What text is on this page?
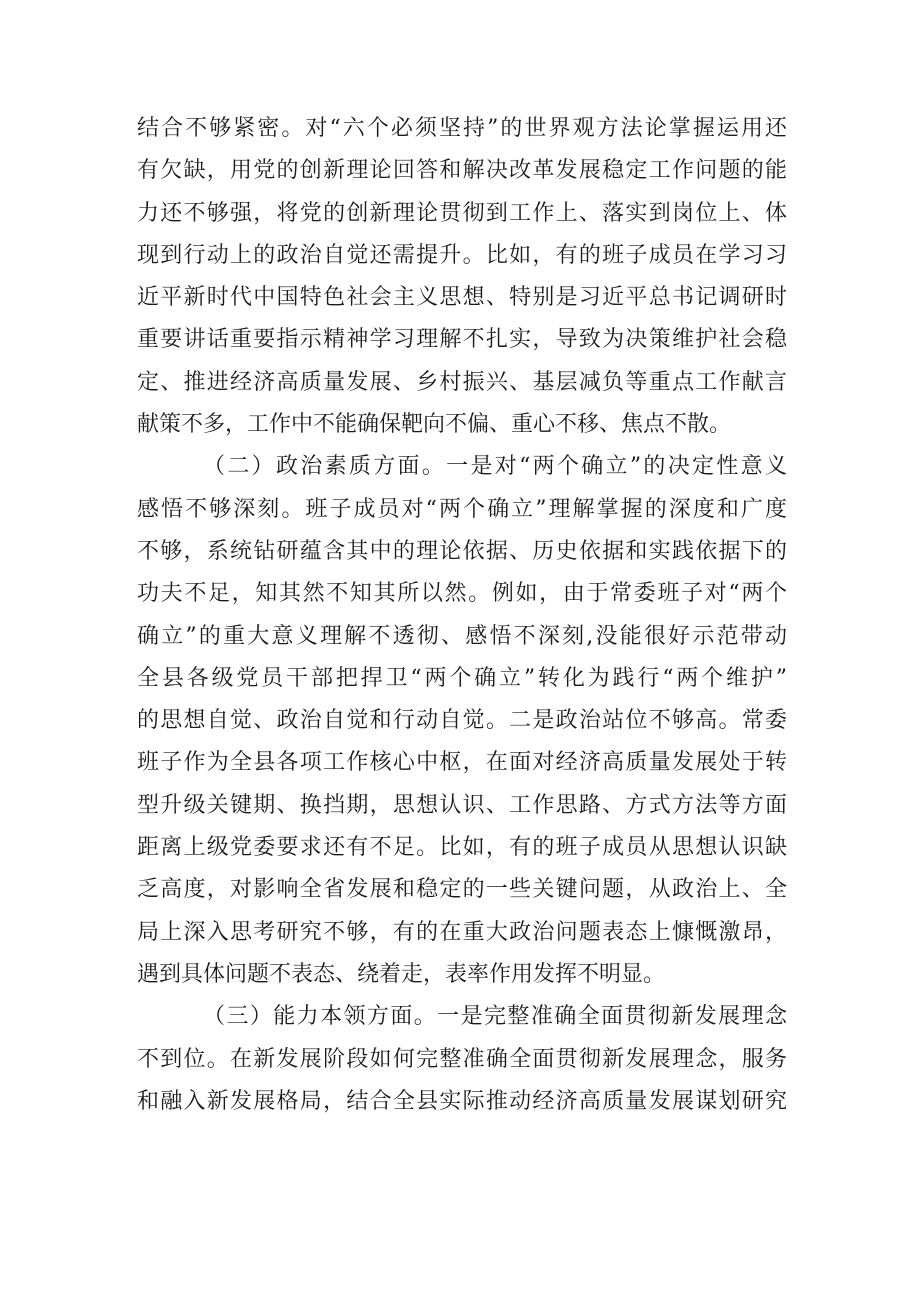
结合不够紧密。对“六个必须坚持”的世界观方法论掌握运用还
有欠缺，用党的创新理论回答和解决改革发展稳定工作问题的能
力还不够强，将党的创新理论贯彻到工作上、落实到岗位上、体
现到行动上的政治自觉还需提升。比如，有的班子成员在学习习
近平新时代中国特色社会主义思想、特别是习近平总书记调研时
重要讲话重要指示精神学习理解不扎实，导致为决策维护社会稳
定、推进经济高质量发展、乡村振兴、基层减负等重点工作献言
献策不多，工作中不能确保靶向不偏、重心不移、焦点不散。
（二）政治素质方面。一是对“两个确立”的决定性意义
感悟不够深刻。班子成员对“两个确立”理解掌握的深度和广度
不够，系统钻研蕴含其中的理论依据、历史依据和实践依据下的
功夫不足，知其然不知其所以然。例如，由于常委班子对“两个
确立”的重大意义理解不透彻、感悟不深刻,没能很好示范带动
全县各级党员干部把捍卫“两个确立”转化为践行“两个维护”
的思想自觉、政治自觉和行动自觉。二是政治站位不够高。常委
班子作为全县各项工作核心中枢，在面对经济高质量发展处于转
型升级关键期、换挡期，思想认识、工作思路、方式方法等方面
距离上级党委要求还有不足。比如，有的班子成员从思想认识缺
乏高度，对影响全省发展和稳定的一些关键问题，从政治上、全
局上深入思考研究不够，有的在重大政治问题表态上慷慨激昂，
遇到具体问题不表态、绕着走，表率作用发挥不明显。
（三）能力本领方面。一是完整准确全面贯彻新发展理念
不到位。在新发展阶段如何完整准确全面贯彻新发展理念，服务
和融入新发展格局，结合全县实际推动经济高质量发展谋划研究
